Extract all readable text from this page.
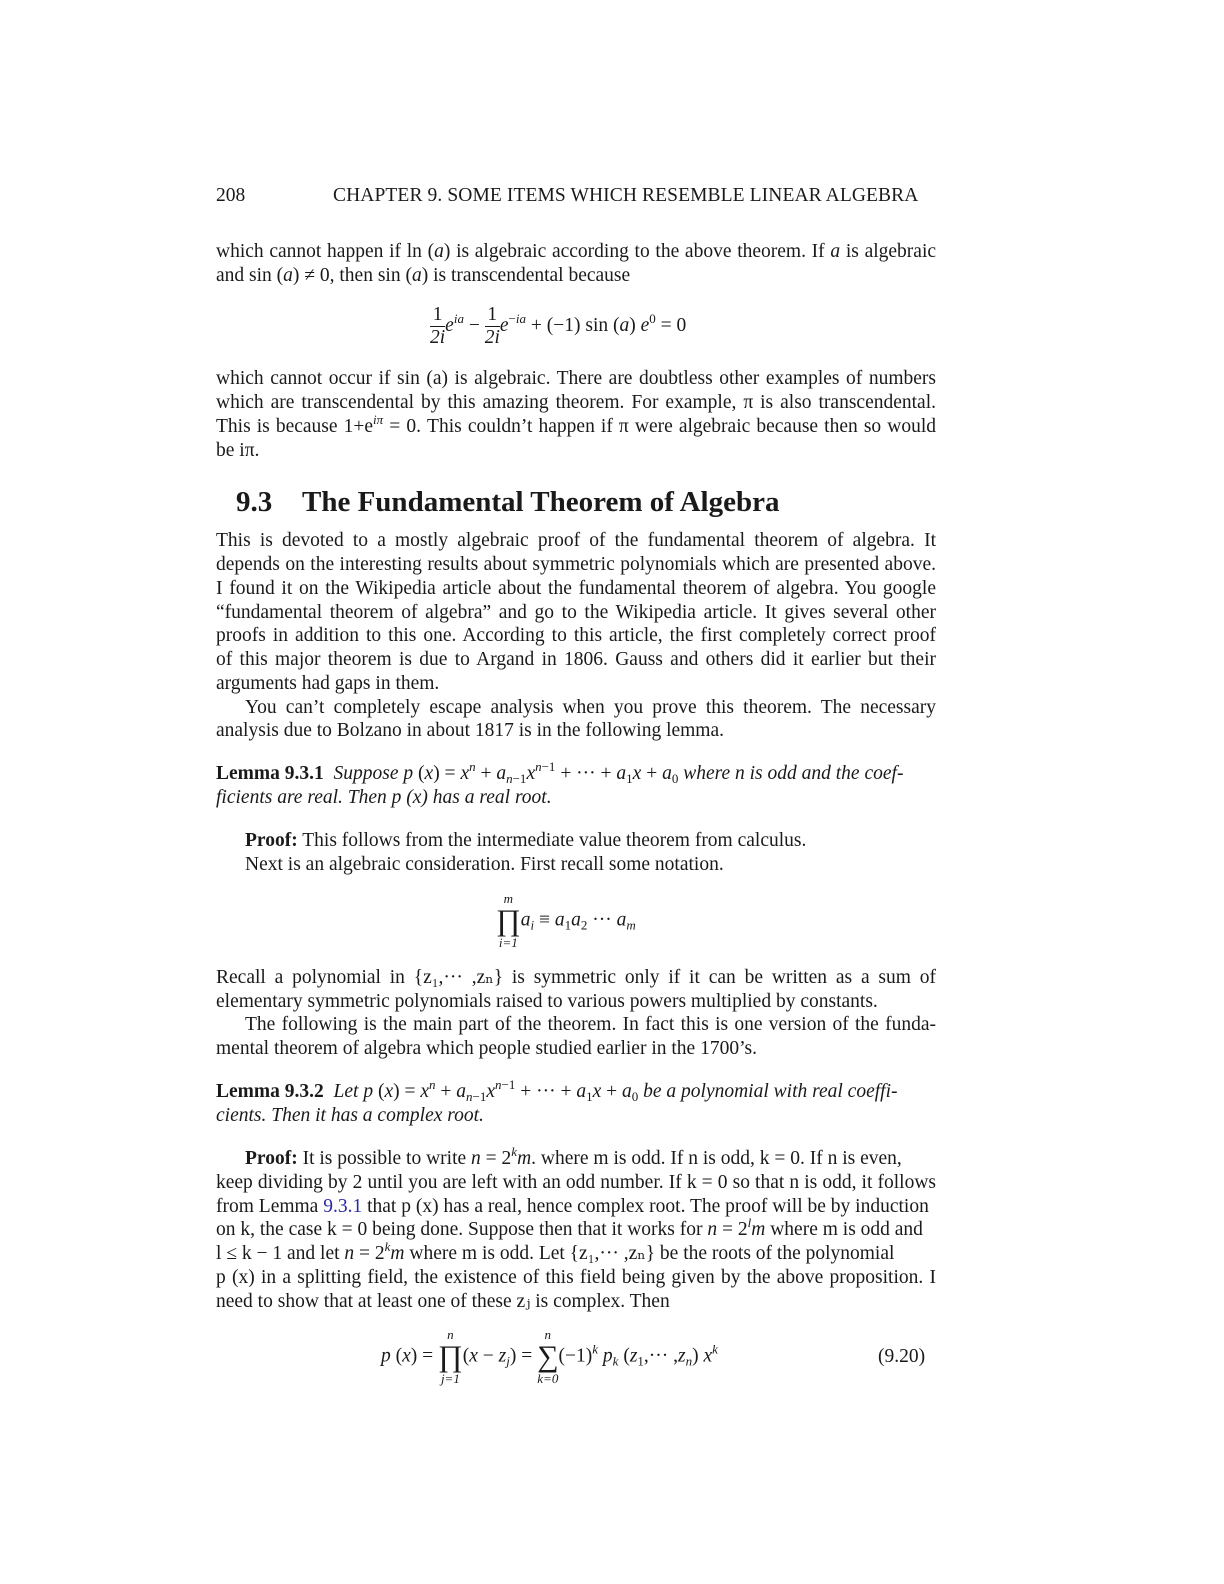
208	CHAPTER 9. SOME ITEMS WHICH RESEMBLE LINEAR ALGEBRA
which cannot happen if ln (a) is algebraic according to the above theorem. If a is algebraic
and sin (a) ≠ 0, then sin (a) is transcendental because
$\frac{1}{2i} e^{ia} - \frac{1}{2i} e^{-ia} + (-1)$ sin (a) $e^0 = 0$
which cannot occur if sin (a) is algebraic. There are doubtless other examples of numbers
which are transcendental by this amazing theorem. For example, π is also transcendental.
This is because $1+e^{i\pi} = 0$. This couldn’t happen if π were algebraic because then so would
be iπ.
9.3 The Fundamental Theorem of Algebra
This is devoted to a mostly algebraic proof of the fundamental theorem of algebra. It
depends on the interesting results about symmetric polynomials which are presented above.
I found it on the Wikipedia article about the fundamental theorem of algebra. You google
“fundamental theorem of algebra” and go to the Wikipedia article. It gives several other
proofs in addition to this one. According to this article, the first completely correct proof
of this major theorem is due to Argand in 1806. Gauss and others did it earlier but their
arguments had gaps in them.
You can’t completely escape analysis when you prove this theorem. The necessary
analysis due to Bolzano in about 1817 is in the following lemma.
Lemma 9.3.1 Suppose p $(x) = x^n + a_{n-1}x^{n-1}$ + ··· + $a_1x + a_0$ where n is odd and the coef-
ficients are real. Then p (x) has a real root.
Proof: This follows from the intermediate value theorem from calculus.
Next is an algebraic consideration. First recall some notation.
m
∏
i=1
$a_i \equiv a_1a_2$ ··· $a_m$
Recall a polynomial in {z₁,··· ,zₙ} is symmetric only if it can be written as a sum of
elementary symmetric polynomials raised to various powers multiplied by constants.
The following is the main part of the theorem. In fact this is one version of the funda-
mental theorem of algebra which people studied earlier in the 1700’s.
Lemma 9.3.2 Let p $(x) = x^n + a_{n-1}x^{n-1}$ + ··· + $a_1x + a_0$ be a polynomial with real coeffi-
cients. Then it has a complex root.
Proof: It is possible to write $n = 2^km$. where m is odd. If n is odd, k = 0. If n is even,
keep dividing by 2 until you are left with an odd number. If k = 0 so that n is odd, it follows
from Lemma 9.3.1 that p (x) has a real, hence complex root. The proof will be by induction
on k, the case k = 0 being done. Suppose then that it works for $n = 2^lm$ where m is odd and
l ≤ k − 1 and let $n = 2^km$ where m is odd. Let {z₁,··· ,zₙ} be the roots of the polynomial
p (x) in a splitting field, the existence of this field being given by the above proposition. I
need to show that at least one of these zⱼ is complex. Then
p (x) =
n
∏
j=1
$(x - z_j)$ =
n
∑
k=0
$(-1)^k$ $p_k$ $(z_1,\cdot\cdot\cdot ,z_n)$ $x^k$	(9.20)
